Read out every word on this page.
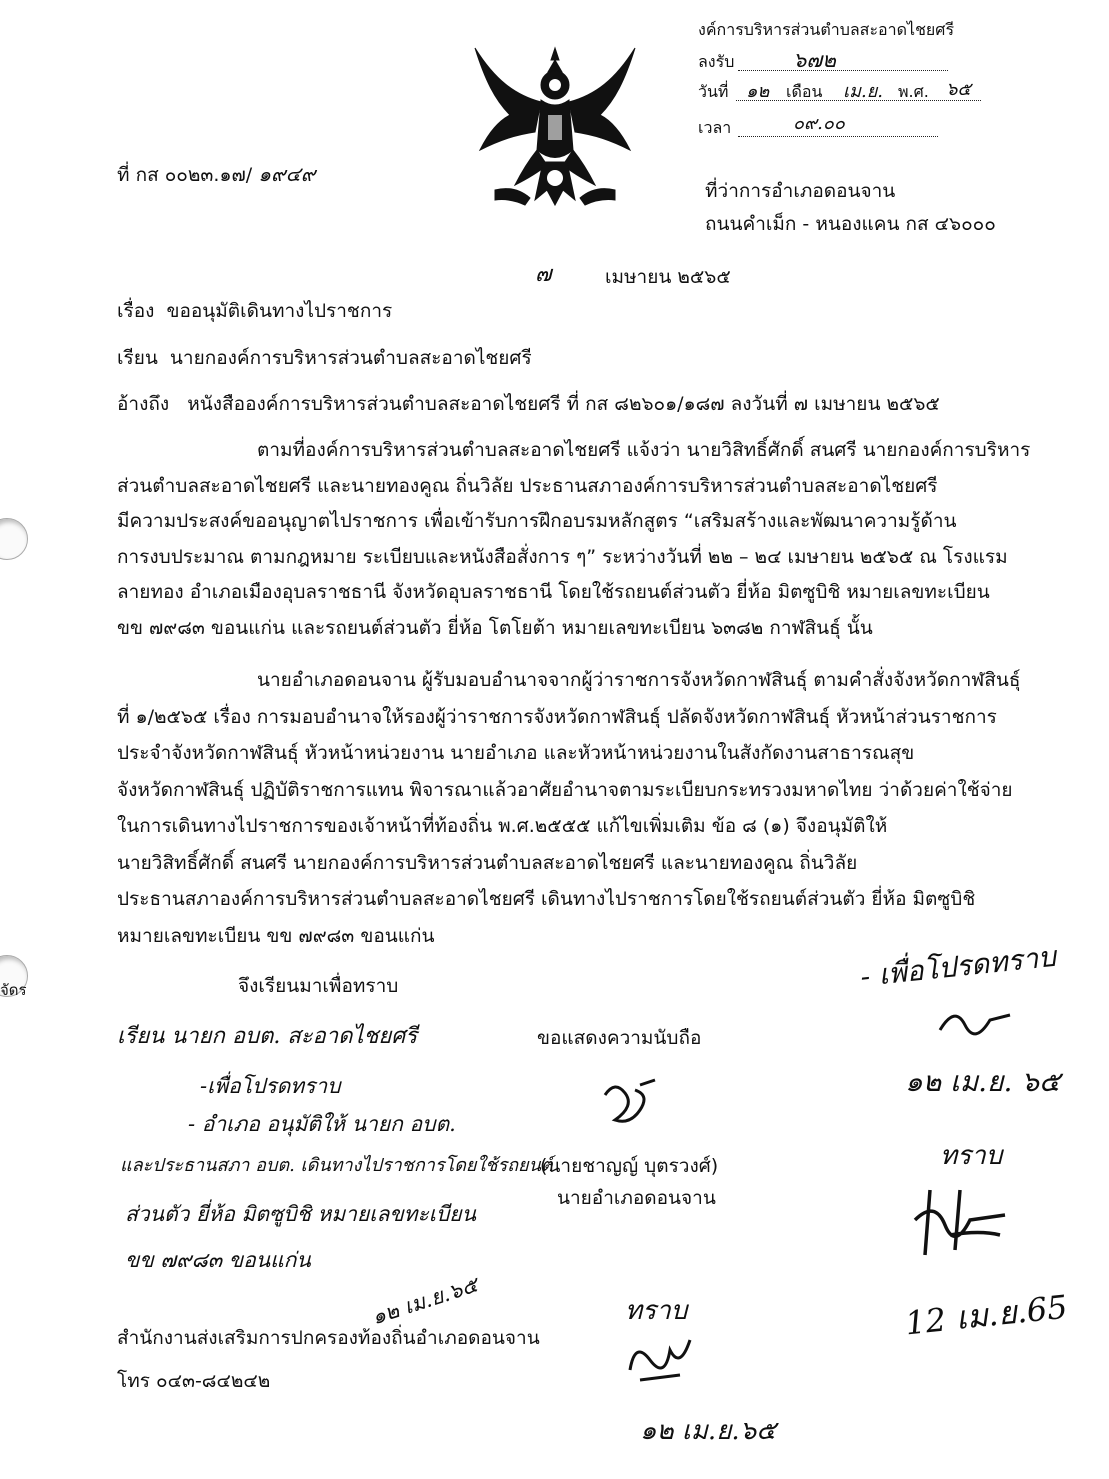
จัดร
งค์การบริหารส่วนตำบลสะอาดไชยศรี
ลงรับ	๖๗๒
วันที่ ๑๒ เดือน เม.ย. พ.ศ. ๖๕
เวลา	๐๙.๐๐
ที่ กส ๐๐๒๓.๑๗/ ๑๙๔๙
ที่ว่าการอำเภอดอนจาน
ถนนคำเม็ก - หนองแคน กส ๔๖๐๐๐
๗	เมษายน ๒๕๖๕
เรื่อง ขออนุมัติเดินทางไปราชการ
เรียน นายกองค์การบริหารส่วนตำบลสะอาดไชยศรี
อ้างถึง หนังสือองค์การบริหารส่วนตำบลสะอาดไชยศรี ที่ กส ๘๒๖๐๑/๑๘๗ ลงวันที่ ๗ เมษายน ๒๕๖๕
ตามที่องค์การบริหารส่วนตำบลสะอาดไชยศรี แจ้งว่า นายวิสิทธิ์ศักดิ์ สนศรี นายกองค์การบริหาร
ส่วนตำบลสะอาดไชยศรี และนายทองคูณ ถิ่นวิลัย ประธานสภาองค์การบริหารส่วนตำบลสะอาดไชยศรี
มีความประสงค์ขออนุญาตไปราชการ เพื่อเข้ารับการฝึกอบรมหลักสูตร “เสริมสร้างและพัฒนาความรู้ด้าน
การงบประมาณ ตามกฎหมาย ระเบียบและหนังสือสั่งการ ๆ” ระหว่างวันที่ ๒๒ – ๒๔ เมษายน ๒๕๖๕ ณ โรงแรม
ลายทอง อำเภอเมืองอุบลราชธานี จังหวัดอุบลราชธานี โดยใช้รถยนต์ส่วนตัว ยี่ห้อ มิตซูบิชิ หมายเลขทะเบียน
ขข ๗๙๘๓ ขอนแก่น และรถยนต์ส่วนตัว ยี่ห้อ โตโยต้า หมายเลขทะเบียน ๖๓๘๒ กาฬสินธุ์ นั้น
นายอำเภอดอนจาน ผู้รับมอบอำนาจจากผู้ว่าราชการจังหวัดกาฬสินธุ์ ตามคำสั่งจังหวัดกาฬสินธุ์
ที่ ๑/๒๕๖๕ เรื่อง การมอบอำนาจให้รองผู้ว่าราชการจังหวัดกาฬสินธุ์ ปลัดจังหวัดกาฬสินธุ์ หัวหน้าส่วนราชการ
ประจำจังหวัดกาฬสินธุ์ หัวหน้าหน่วยงาน นายอำเภอ และหัวหน้าหน่วยงานในสังกัดงานสาธารณสุข
จังหวัดกาฬสินธุ์ ปฏิบัติราชการแทน พิจารณาแล้วอาศัยอำนาจตามระเบียบกระทรวงมหาดไทย ว่าด้วยค่าใช้จ่าย
ในการเดินทางไปราชการของเจ้าหน้าที่ท้องถิ่น พ.ศ.๒๕๕๕ แก้ไขเพิ่มเติม ข้อ ๘ (๑) จึงอนุมัติให้
นายวิสิทธิ์ศักดิ์ สนศรี นายกองค์การบริหารส่วนตำบลสะอาดไชยศรี และนายทองคูณ ถิ่นวิลัย
ประธานสภาองค์การบริหารส่วนตำบลสะอาดไชยศรี เดินทางไปราชการโดยใช้รถยนต์ส่วนตัว ยี่ห้อ มิตซูบิชิ
หมายเลขทะเบียน ขข ๗๙๘๓ ขอนแก่น
จึงเรียนมาเพื่อทราบ
ขอแสดงความนับถือ
(นายชาญญ์ บุตรวงศ์)
นายอำเภอดอนจาน
สำนักงานส่งเสริมการปกครองท้องถิ่นอำเภอดอนจาน
โทร ๐๔๓-๘๔๒๔๒
เรียน นายก อบต. สะอาดไชยศรี
-เพื่อโปรดทราบ
- อำเภอ อนุมัติให้ นายก อบต.
และประธานสภา อบต. เดินทางไปราชการโดยใช้รถยนต์
ส่วนตัว ยี่ห้อ มิตซูบิชิ หมายเลขทะเบียน
ขข ๗๙๘๓ ขอนแก่น
๑๒ เม.ย.๖๕	ทราบ
๑๒ เม.ย.๖๕
- เพื่อโปรดทราบ
๑๒ เม.ย. ๖๕
ทราบ
12 เม.ย.65
